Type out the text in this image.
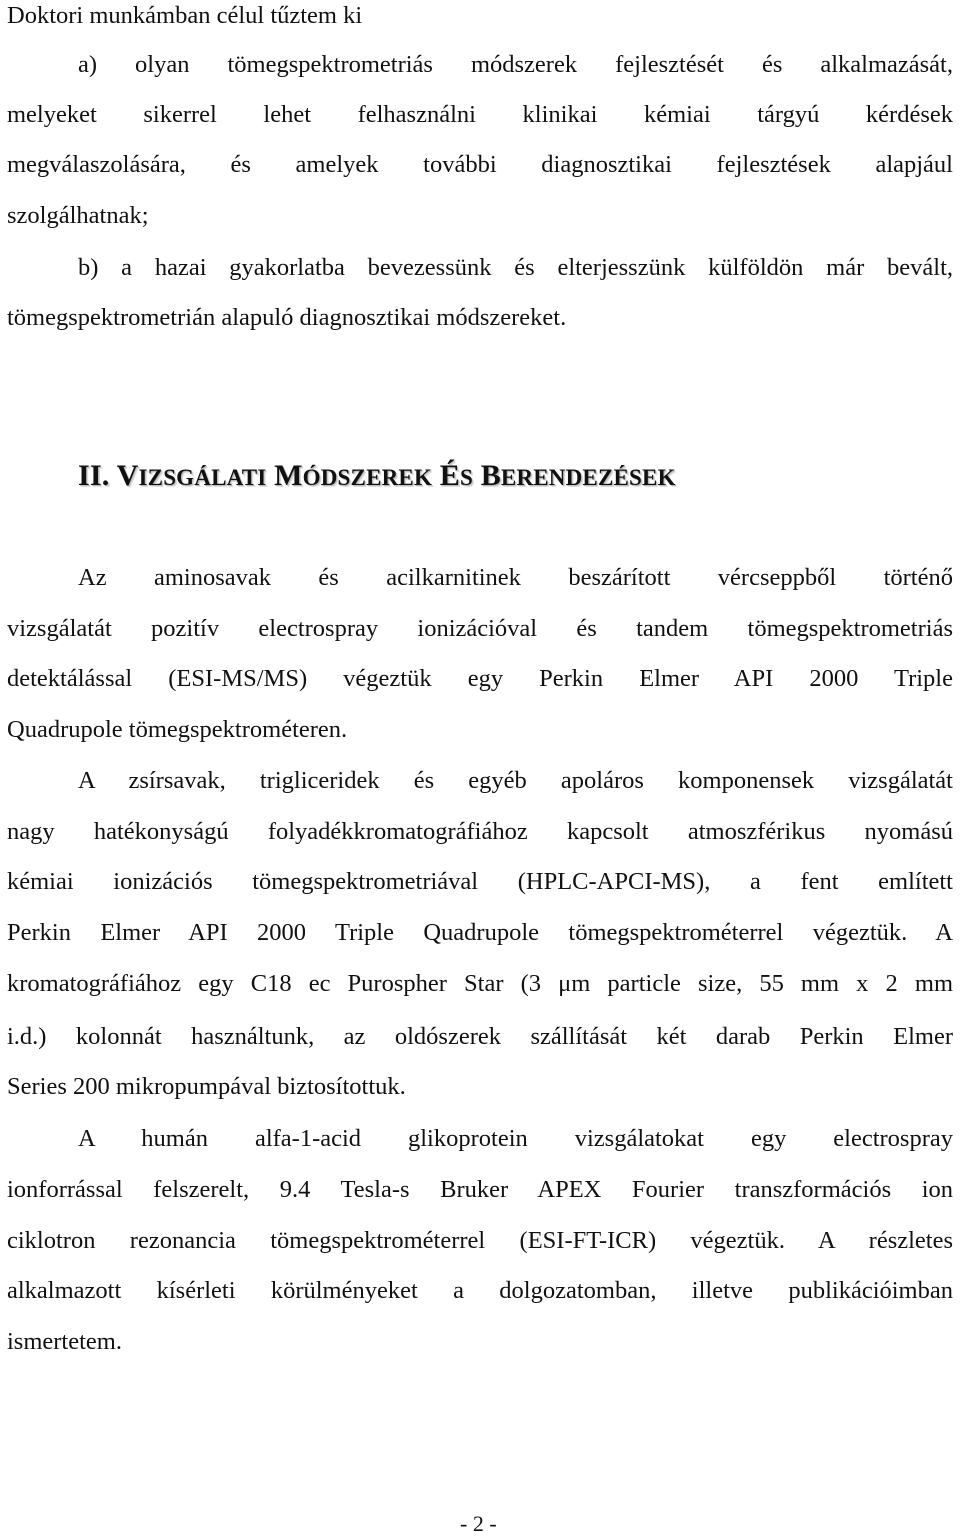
Doktori munkámban célul tűztem ki
a) olyan tömegspektrometriás módszerek fejlesztését és alkalmazását,
melyeket sikerrel lehet felhasználni klinikai kémiai tárgyú kérdések
megválaszolására, és amelyek további diagnosztikai fejlesztések alapjául
szolgálhatnak;
b) a hazai gyakorlatba bevezessünk és elterjesszünk külföldön már bevált,
tömegspektrometrián alapuló diagnosztikai módszereket.
II. VIZSGÁLATI MÓDSZEREK ÉS BERENDEZÉSEK
Az aminosavak és acilkarnitinek beszárított vércseppből történő
vizsgálatát pozitív electrospray ionizációval és tandem tömegspektrometriás
detektálással (ESI-MS/MS) végeztük egy Perkin Elmer API 2000 Triple
Quadrupole tömegspektrométeren.
A zsírsavak, trigliceridek és egyéb apoláros komponensek vizsgálatát
nagy hatékonyságú folyadékkromatográfiához kapcsolt atmoszférikus nyomású
kémiai ionizációs tömegspektrometriával (HPLC-APCI-MS), a fent említett
Perkin Elmer API 2000 Triple Quadrupole tömegspektrométerrel végeztük. A
kromatográfiához egy C18 ec Purospher Star (3 μm particle size, 55 mm x 2 mm
i.d.) kolonnát használtunk, az oldószerek szállítását két darab Perkin Elmer
Series 200 mikropumpával biztosítottuk.
A humán alfa-1-acid glikoprotein vizsgálatokat egy electrospray
ionforrással felszerelt, 9.4 Tesla-s Bruker APEX Fourier transzformációs ion
ciklotron rezonancia tömegspektrométerrel (ESI-FT-ICR) végeztük. A részletes
alkalmazott kísérleti körülményeket a dolgozatomban, illetve publikációimban
ismertetem.
- 2 -
